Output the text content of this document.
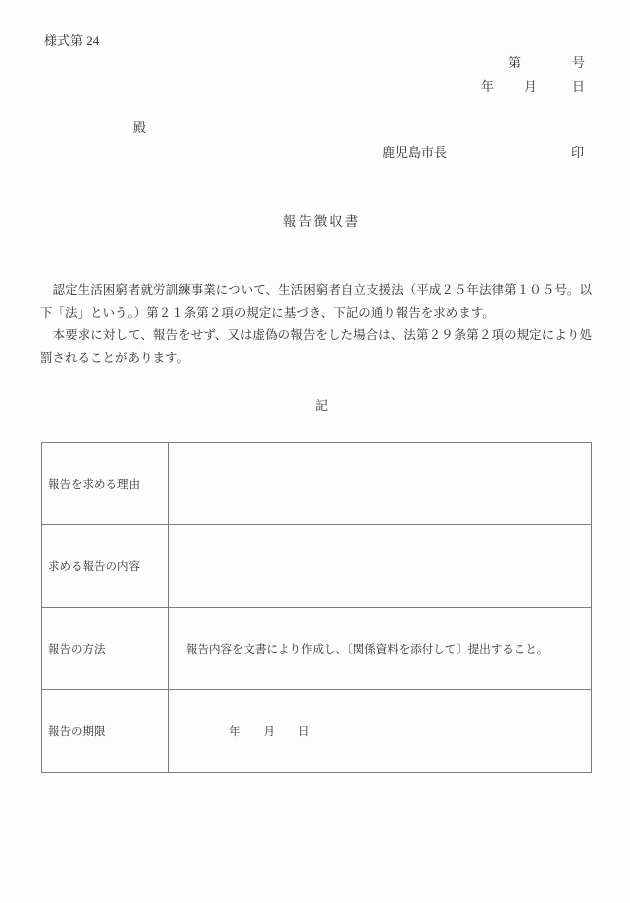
様式第 24
第	号
年 月	日
殿
鹿児島市長	印
報告徴収書

　認定生活困窮者就労訓練事業について、生活困窮者自立支援法（平成２５年法律第１０５号。以下「法」という。）第２１条第２項の規定に基づき、下記の通り報告を求めます。

　本要求に対して、報告をせず、又は虚偽の報告をした場合は、法第２９条第２項の規定により処罰されることがあります。

記
報告を求める理由	
求める報告の内容	
報告の方法	報告内容を文書により作成し、〔関係資料を添付して〕提出すること。
報告の期限	年　　月　　日
